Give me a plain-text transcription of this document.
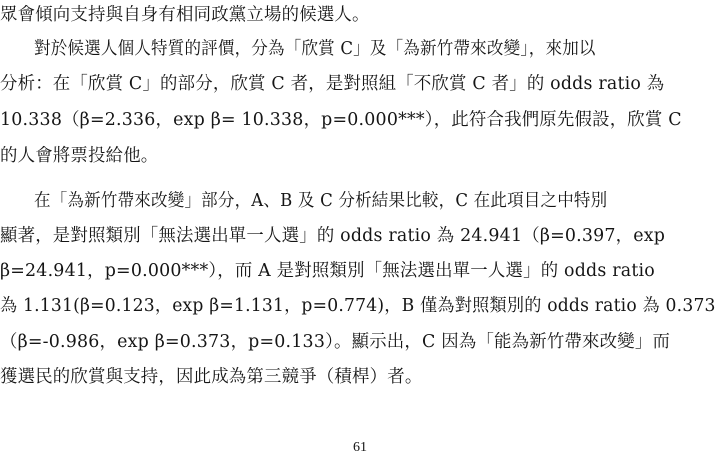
眾會傾向支持與自身有相同政黨立場的候選人。
對於候選人個人特質的評價，分為「欣賞 C」及「為新竹帶來改變」，來加以
分析：在「欣賞 C」的部分，欣賞 C 者，是對照組「不欣賞 C 者」的 odds ratio 為
10.338（β=2.336，exp β= 10.338，p=0.000***），此符合我們原先假設，欣賞 C
的人會將票投給他。
在「為新竹帶來改變」部分，A、B 及 C 分析結果比較，C 在此項目之中特別
顯著，是對照類別「無法選出單一人選」的 odds ratio 為 24.941（β=0.397，exp
β=24.941，p=0.000***），而 A 是對照類別「無法選出單一人選」的 odds ratio
為 1.131(β=0.123，exp β=1.131，p=0.774)，B 僅為對照類別的 odds ratio 為 0.373
（β=-0.986，exp β=0.373，p=0.133）。顯示出，C 因為「能為新竹帶來改變」而
獲選民的欣賞與支持，因此成為第三競爭（積桿）者。
61
